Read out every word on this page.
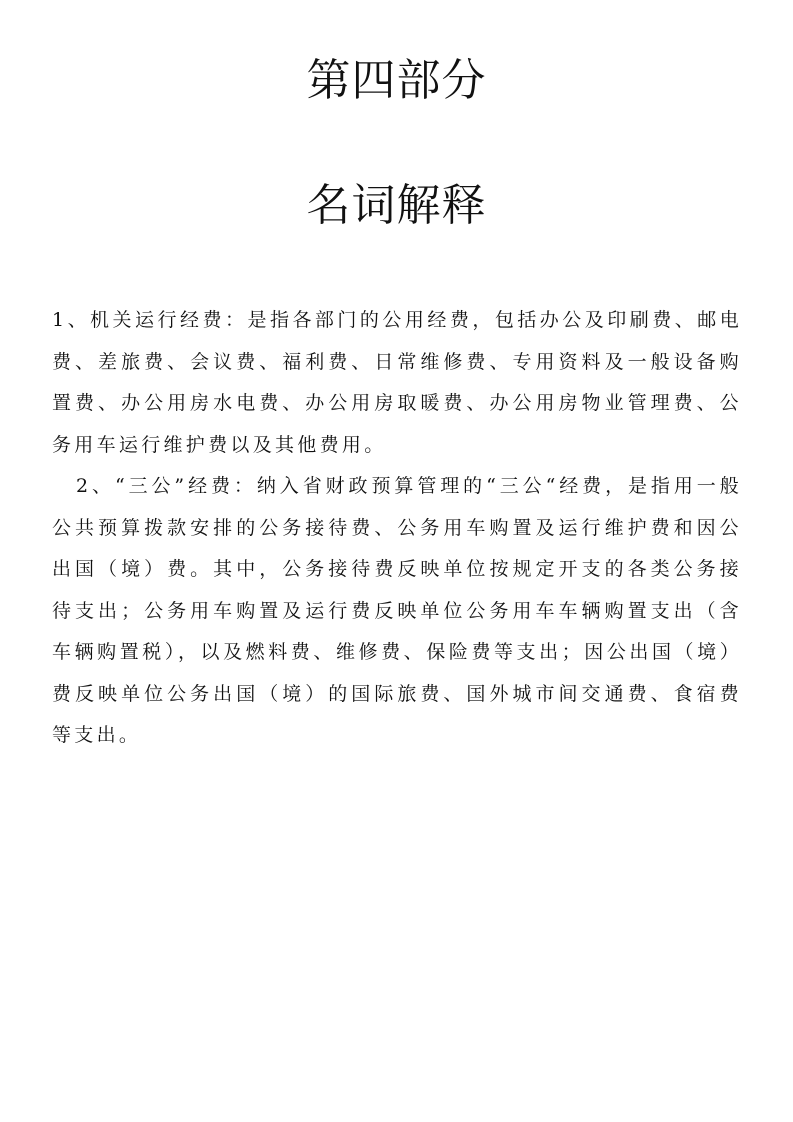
第四部分
名词解释

1、机关运行经费：是指各部门的公用经费，包括办公及印刷费、邮电费、差旅费、会议费、福利费、日常维修费、专用资料及一般设备购置费、办公用房水电费、办公用房取暖费、办公用房物业管理费、公务用车运行维护费以及其他费用。

2、“三公”经费：纳入省财政预算管理的“三公“经费，是指用一般公共预算拨款安排的公务接待费、公务用车购置及运行维护费和因公出国（境）费。其中，公务接待费反映单位按规定开支的各类公务接待支出；公务用车购置及运行费反映单位公务用车车辆购置支出（含车辆购置税），以及燃料费、维修费、保险费等支出；因公出国（境）费反映单位公务出国（境）的国际旅费、国外城市间交通费、食宿费等支出。
